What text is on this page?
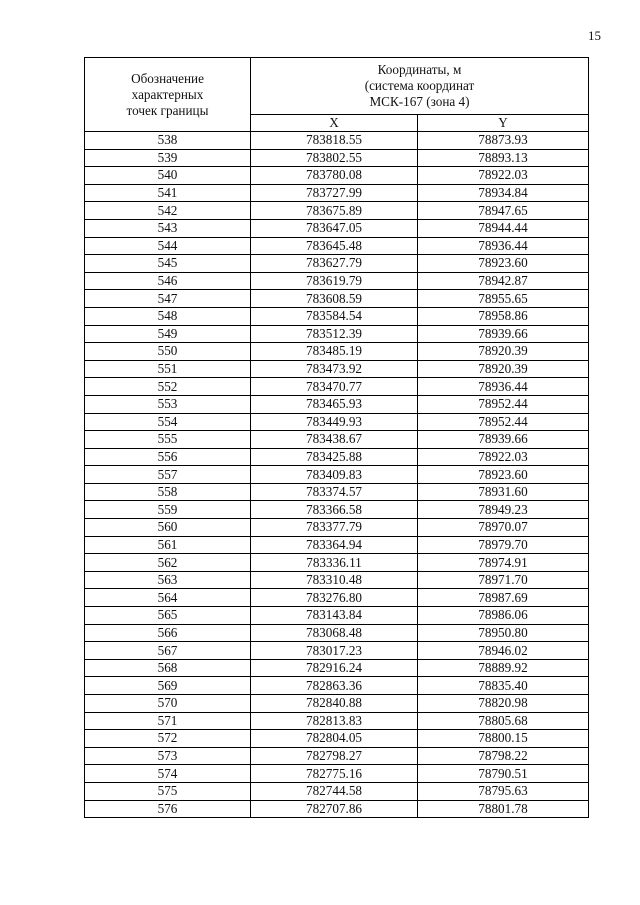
15
Обозначение
характерных
точек границы	Координаты, м
(система координат
МСК-167 (зона 4)	

	X	Y
538	783818.55	78873.93
539	783802.55	78893.13
540	783780.08	78922.03
541	783727.99	78934.84
542	783675.89	78947.65
543	783647.05	78944.44
544	783645.48	78936.44
545	783627.79	78923.60
546	783619.79	78942.87
547	783608.59	78955.65
548	783584.54	78958.86
549	783512.39	78939.66
550	783485.19	78920.39
551	783473.92	78920.39
552	783470.77	78936.44
553	783465.93	78952.44
554	783449.93	78952.44
555	783438.67	78939.66
556	783425.88	78922.03
557	783409.83	78923.60
558	783374.57	78931.60
559	783366.58	78949.23
560	783377.79	78970.07
561	783364.94	78979.70
562	783336.11	78974.91
563	783310.48	78971.70
564	783276.80	78987.69
565	783143.84	78986.06
566	783068.48	78950.80
567	783017.23	78946.02
568	782916.24	78889.92
569	782863.36	78835.40
570	782840.88	78820.98
571	782813.83	78805.68
572	782804.05	78800.15
573	782798.27	78798.22
574	782775.16	78790.51
575	782744.58	78795.63
576	782707.86	78801.78
